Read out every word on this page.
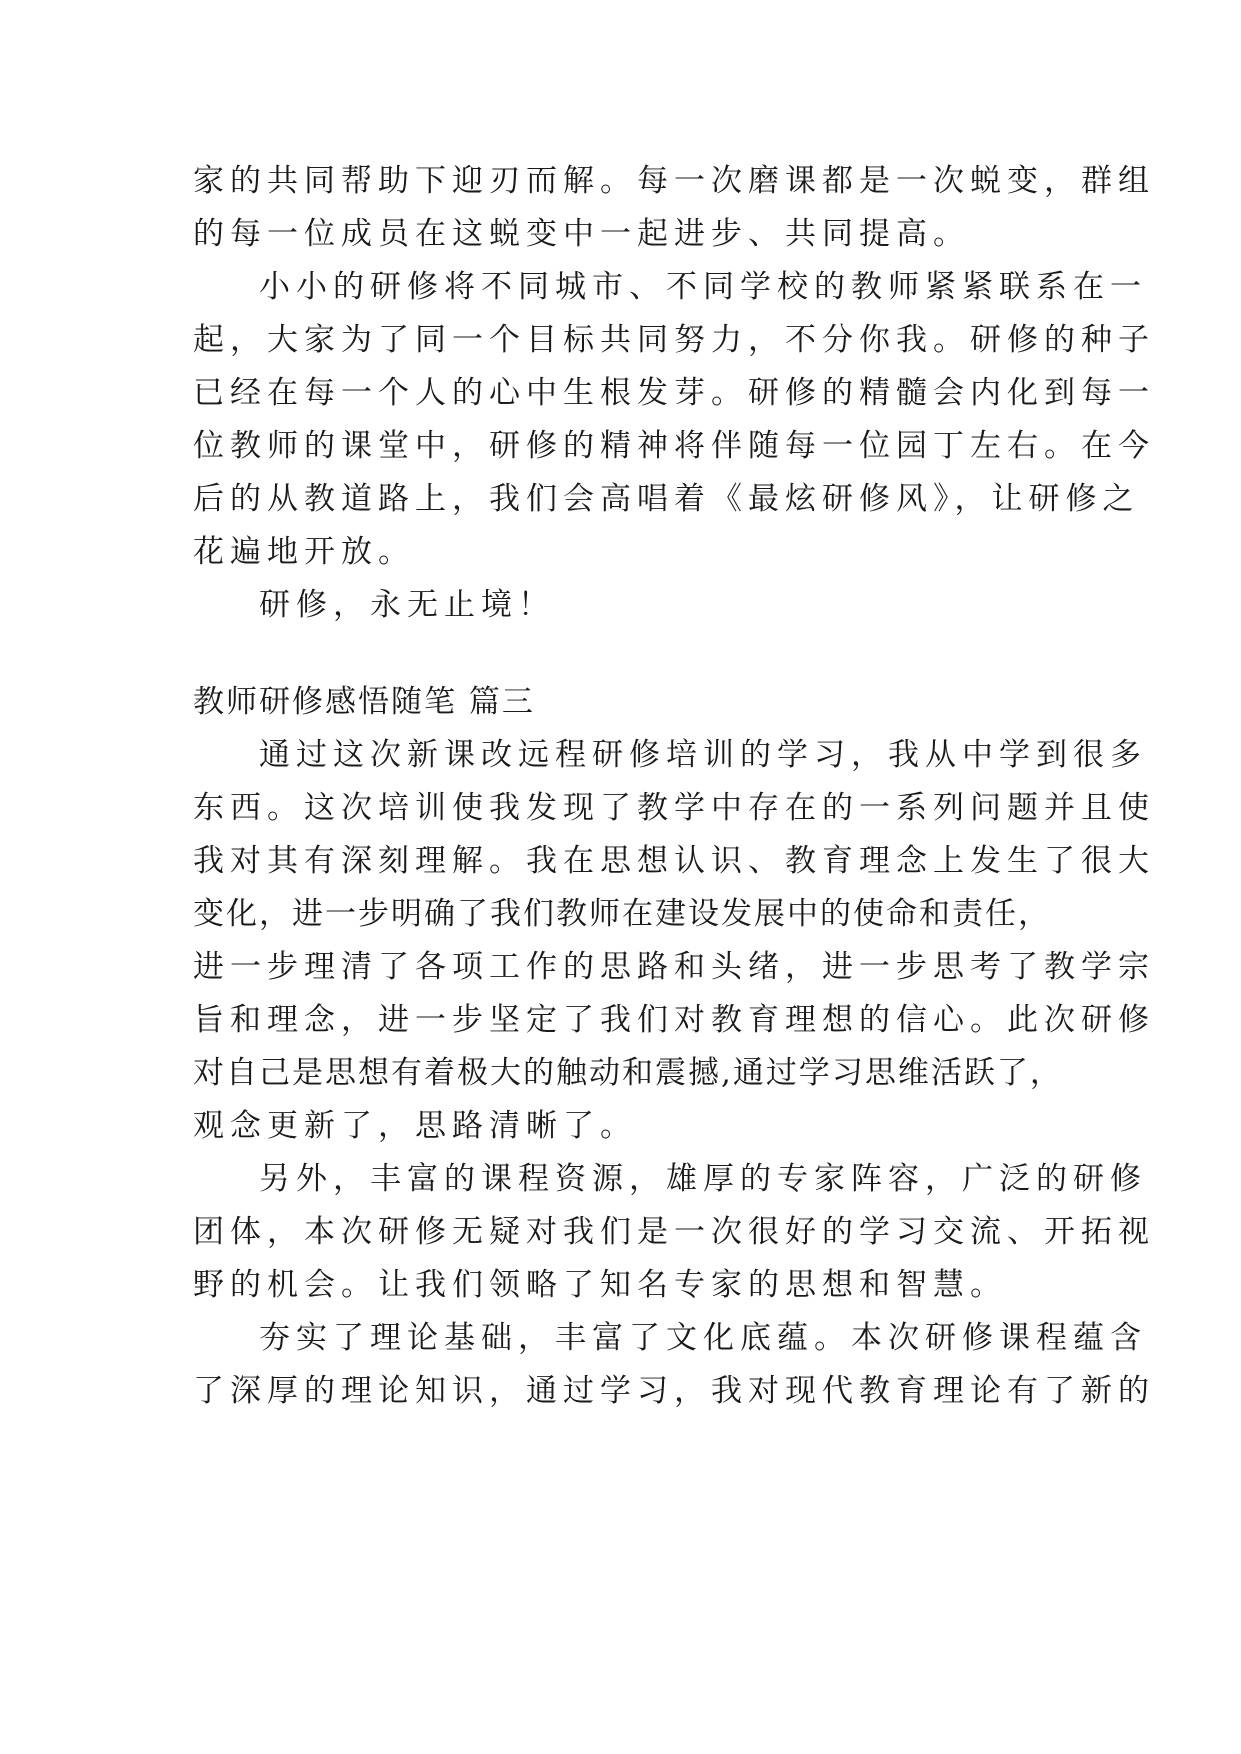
家的共同帮助下迎刃而解。每一次磨课都是一次蜕变，群组
的每一位成员在这蜕变中一起进步、共同提高。
小小的研修将不同城市、不同学校的教师紧紧联系在一
起，大家为了同一个目标共同努力，不分你我。研修的种子
已经在每一个人的心中生根发芽。研修的精髓会内化到每一
位教师的课堂中，研修的精神将伴随每一位园丁左右。在今
后的从教道路上，我们会高唱着《最炫研修风》，让研修之
花遍地开放。
研修，永无止境！
教师研修感悟随笔 篇三
通过这次新课改远程研修培训的学习，我从中学到很多
东西。这次培训使我发现了教学中存在的一系列问题并且使
我对其有深刻理解。我在思想认识、教育理念上发生了很大
变化，进一步明确了我们教师在建设发展中的使命和责任，
进一步理清了各项工作的思路和头绪，进一步思考了教学宗
旨和理念，进一步坚定了我们对教育理想的信心。此次研修
对自己是思想有着极大的触动和震撼,通过学习思维活跃了，
观念更新了，思路清晰了。
另外，丰富的课程资源，雄厚的专家阵容，广泛的研修
团体，本次研修无疑对我们是一次很好的学习交流、开拓视
野的机会。让我们领略了知名专家的思想和智慧。
夯实了理论基础，丰富了文化底蕴。本次研修课程蕴含
了深厚的理论知识，通过学习，我对现代教育理论有了新的
